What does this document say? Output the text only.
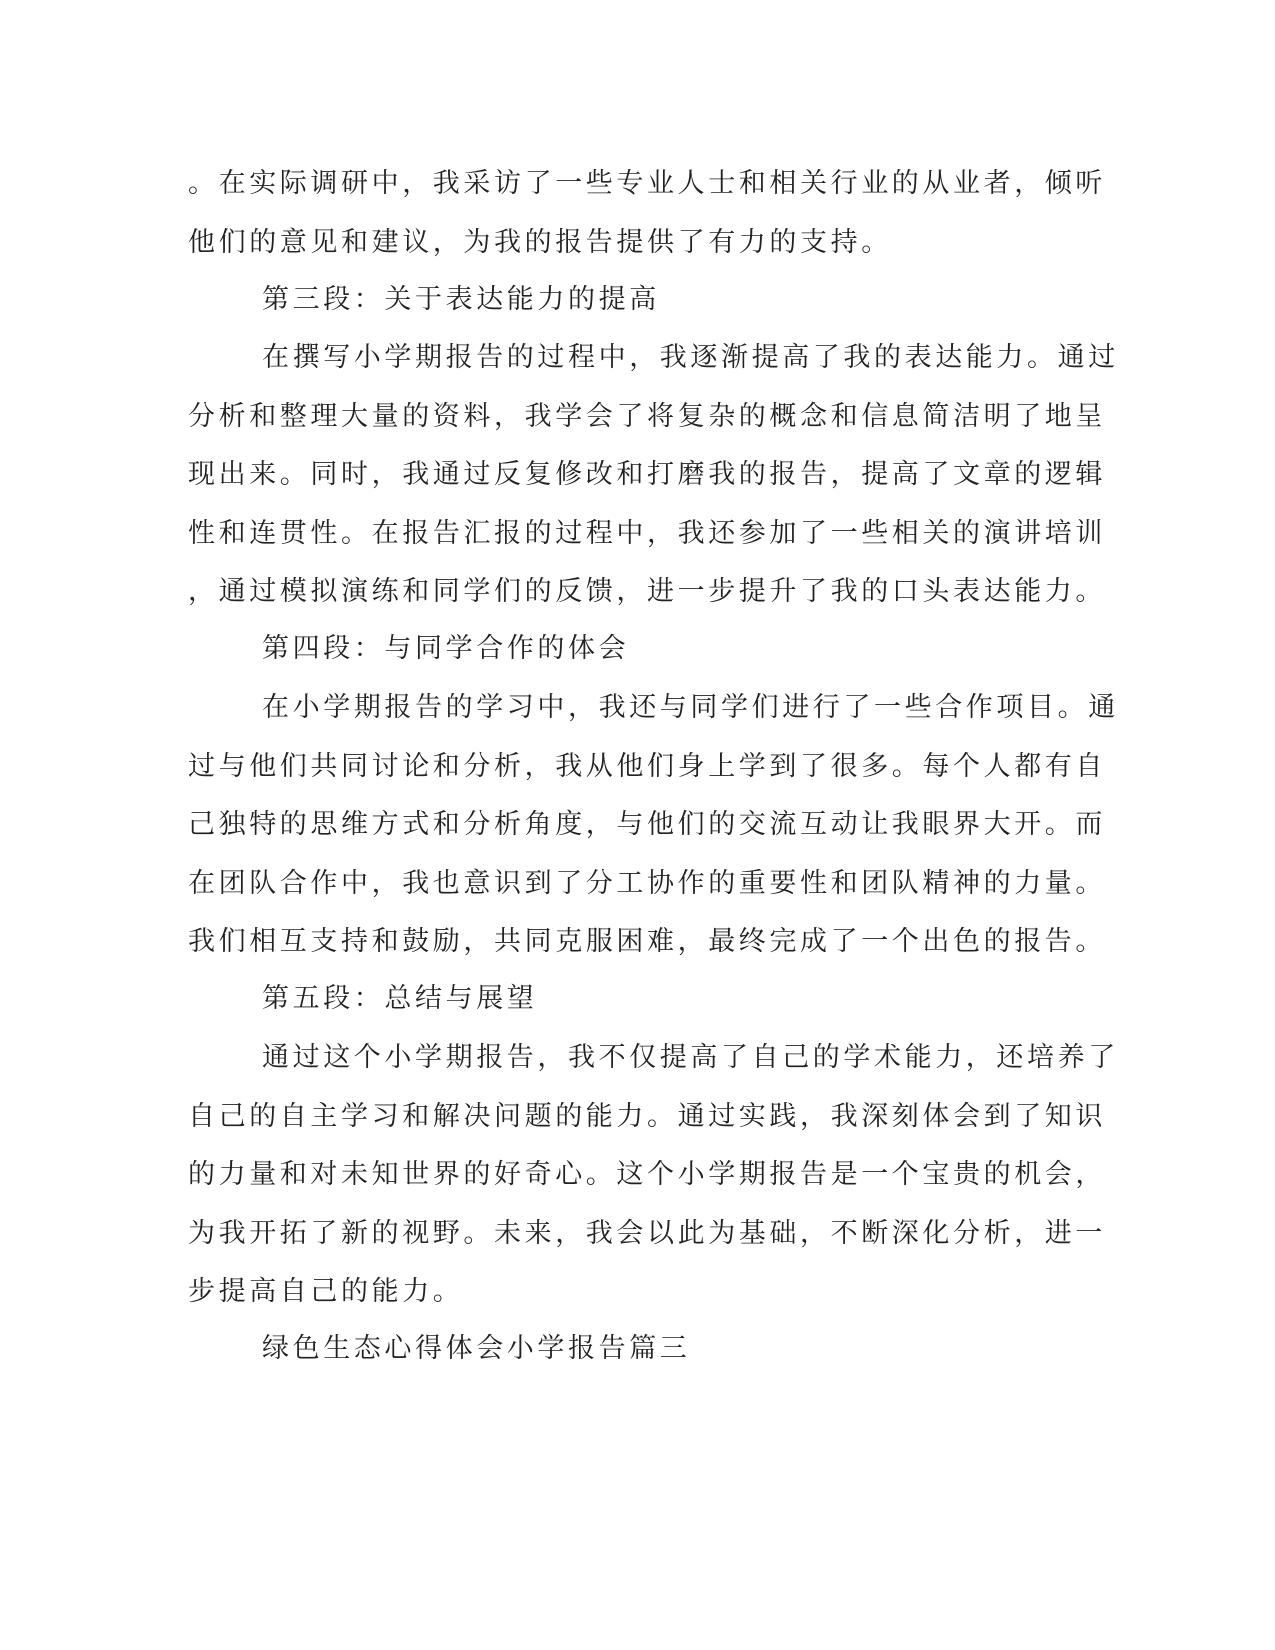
。在实际调研中，我采访了一些专业人士和相关行业的从业者，倾听
他们的意见和建议，为我的报告提供了有力的支持。
第三段：关于表达能力的提高
在撰写小学期报告的过程中，我逐渐提高了我的表达能力。通过
分析和整理大量的资料，我学会了将复杂的概念和信息简洁明了地呈
现出来。同时，我通过反复修改和打磨我的报告，提高了文章的逻辑
性和连贯性。在报告汇报的过程中，我还参加了一些相关的演讲培训
，通过模拟演练和同学们的反馈，进一步提升了我的口头表达能力。
第四段：与同学合作的体会
在小学期报告的学习中，我还与同学们进行了一些合作项目。通
过与他们共同讨论和分析，我从他们身上学到了很多。每个人都有自
己独特的思维方式和分析角度，与他们的交流互动让我眼界大开。而
在团队合作中，我也意识到了分工协作的重要性和团队精神的力量。
我们相互支持和鼓励，共同克服困难，最终完成了一个出色的报告。
第五段：总结与展望
通过这个小学期报告，我不仅提高了自己的学术能力，还培养了
自己的自主学习和解决问题的能力。通过实践，我深刻体会到了知识
的力量和对未知世界的好奇心。这个小学期报告是一个宝贵的机会，
为我开拓了新的视野。未来，我会以此为基础，不断深化分析，进一
步提高自己的能力。
绿色生态心得体会小学报告篇三
